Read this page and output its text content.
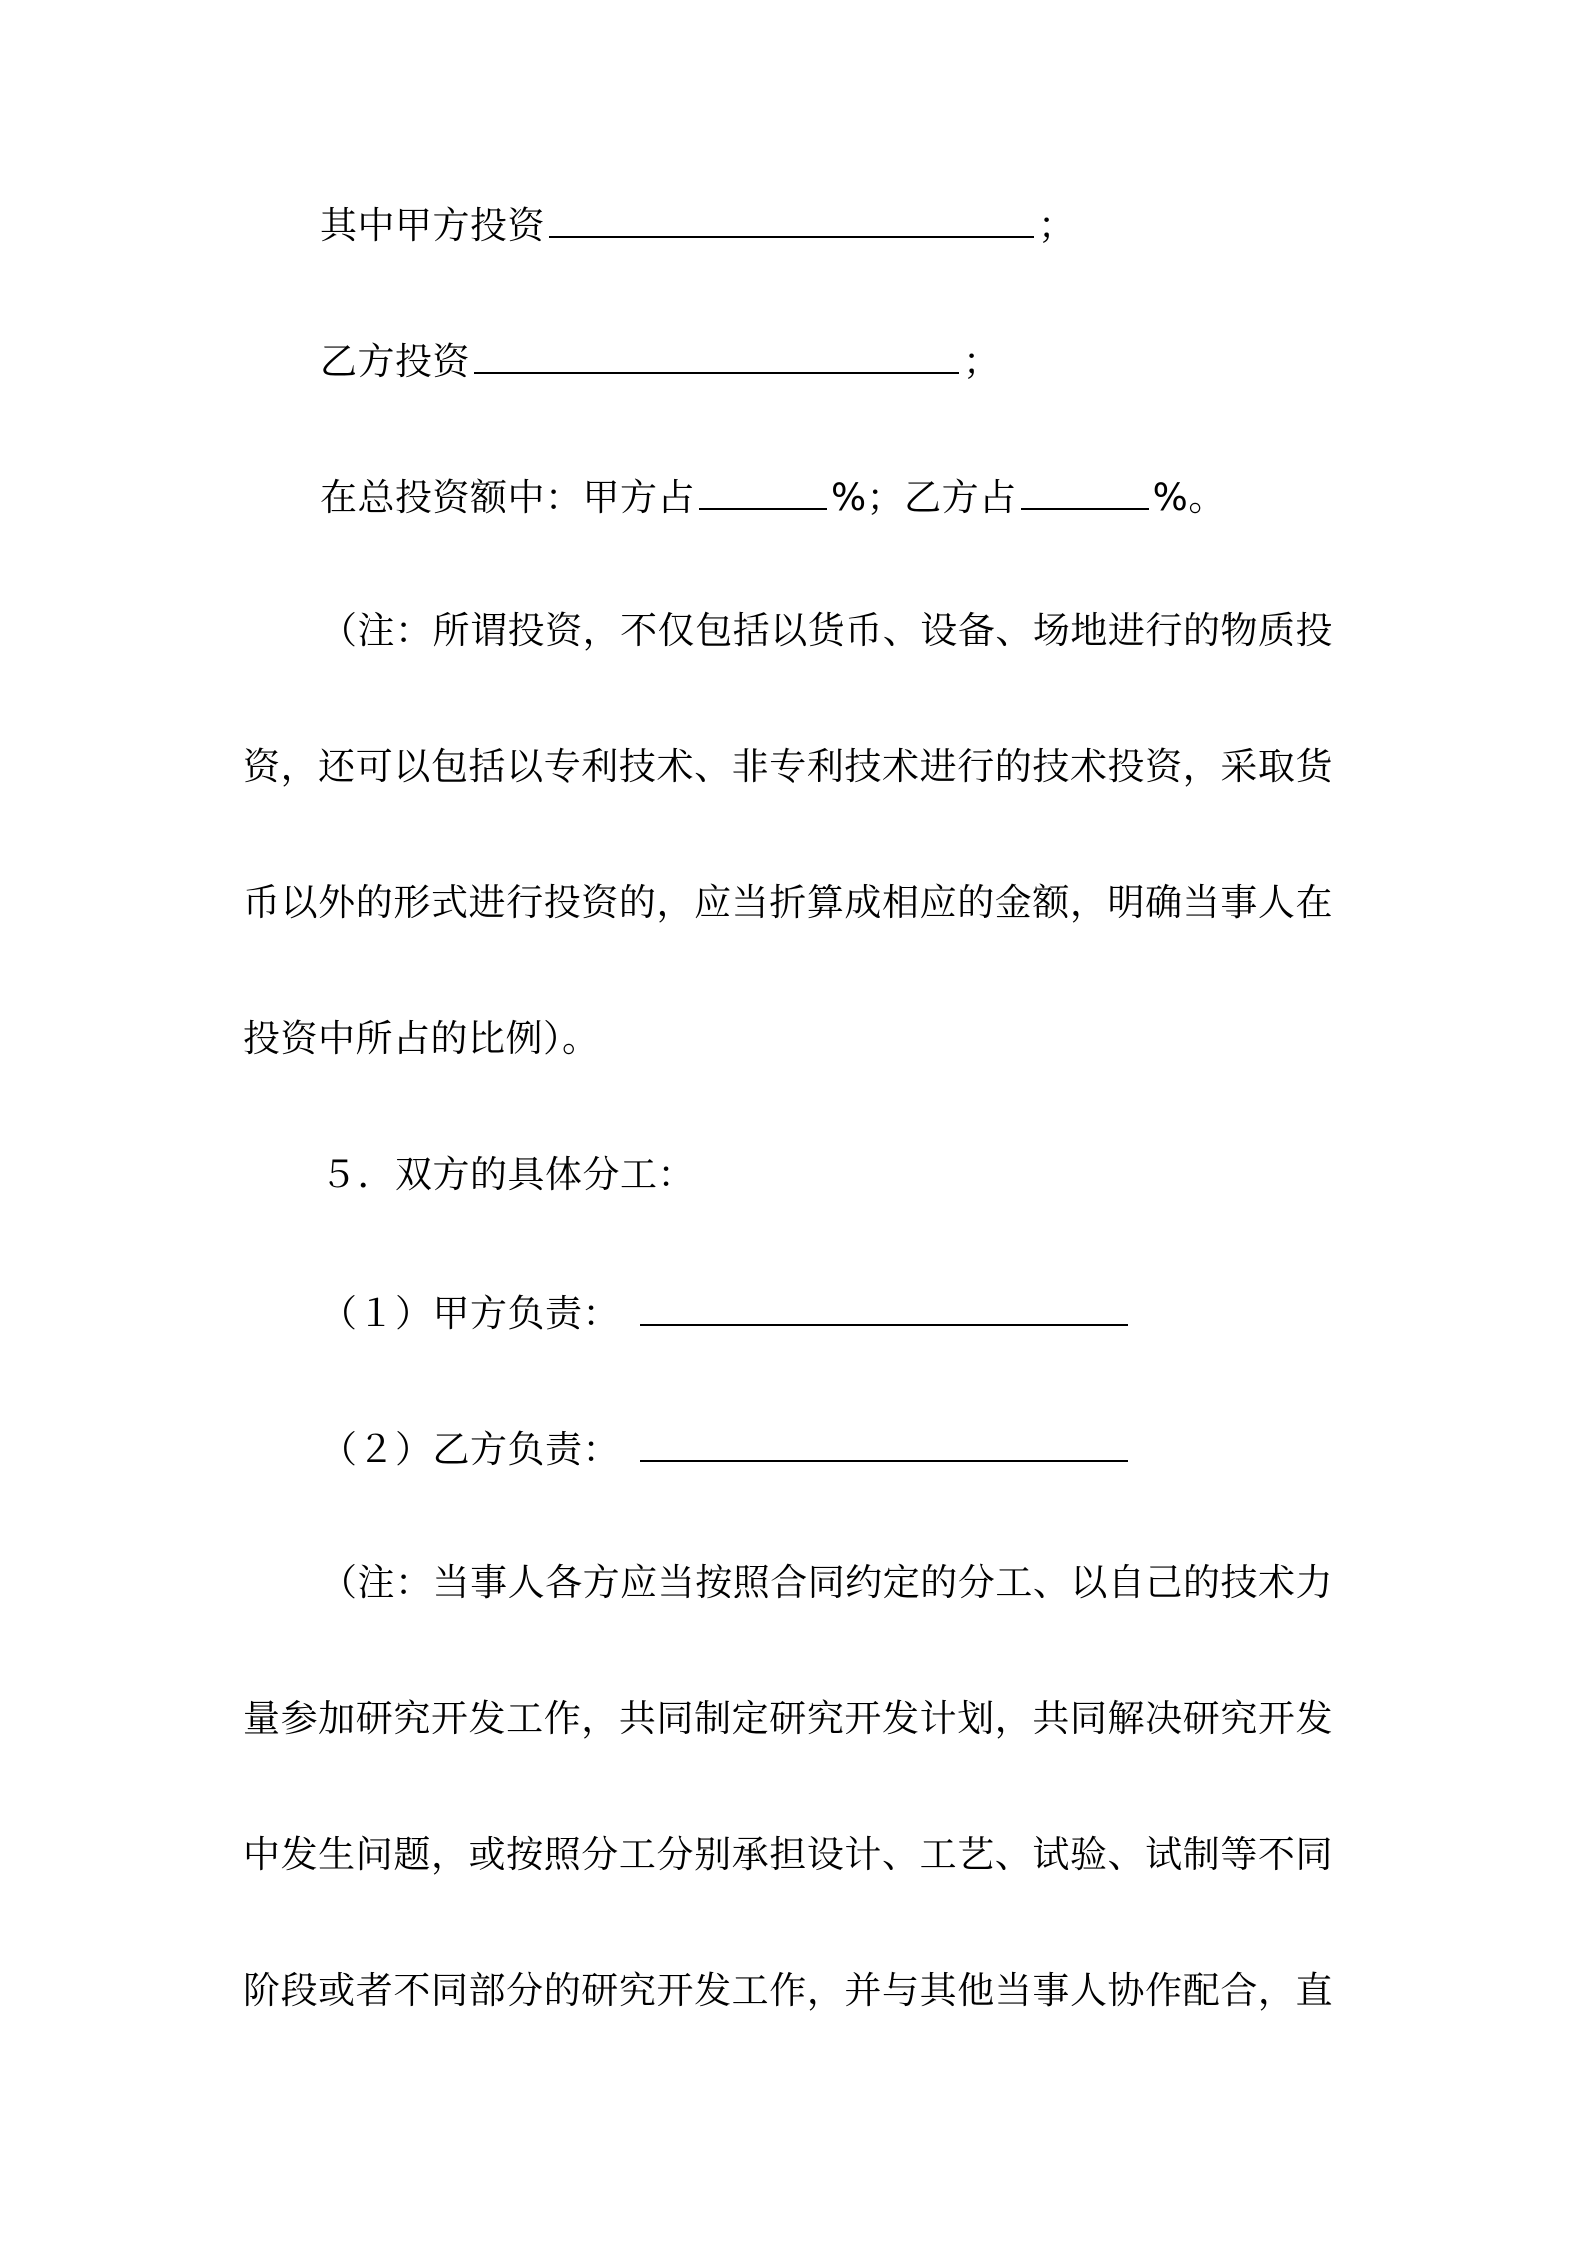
其中甲方投资	；
乙方投资	；
在总投资额中：甲方占	%；乙方占	%。
（注：所谓投资，不仅包括以货币、设备、场地进行的物质投
资，还可以包括以专利技术、非专利技术进行的技术投资，采取货
币以外的形式进行投资的，应当折算成相应的金额，明确当事人在
投资中所占的比例）。
５．双方的具体分工：
（１）甲方负责：
（２）乙方负责：
（注：当事人各方应当按照合同约定的分工、以自己的技术力
量参加研究开发工作，共同制定研究开发计划，共同解决研究开发
中发生问题，或按照分工分别承担设计、工艺、试验、试制等不同
阶段或者不同部分的研究开发工作，并与其他当事人协作配合，直
